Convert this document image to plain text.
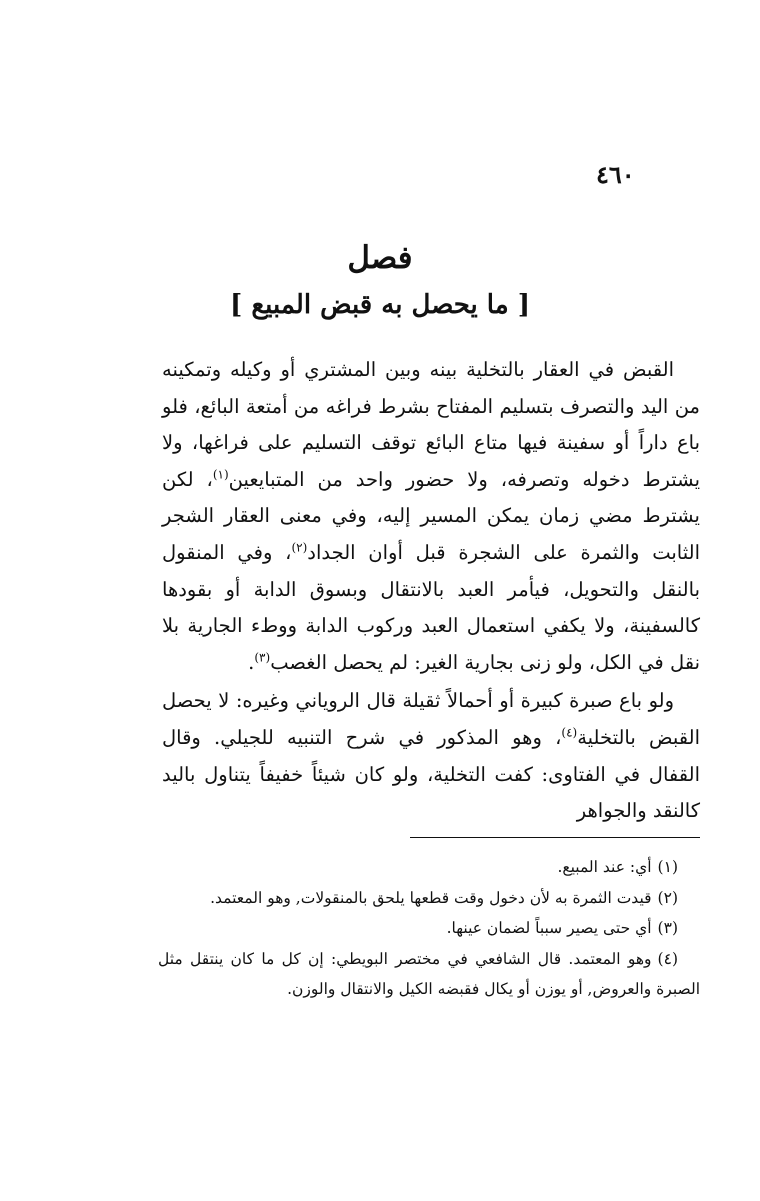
٤٦٠
فصل
[ ما يحصل به قبض المبيع ]

القبض في العقار بالتخلية بينه وبين المشتري أو وكيله وتمكينه من اليد والتصرف بتسليم المفتاح بشرط فراغه من أمتعة البائع، فلو باع داراً أو سفينة فيها متاع البائع توقف التسليم على فراغها، ولا يشترط دخوله وتصرفه، ولا حضور واحد من المتبايعين$^{(١)}$، لكن يشترط مضي زمان يمكن المسير إليه، وفي معنى العقار الشجر الثابت والثمرة على الشجرة قبل أوان الجداد$^{(٢)}$، وفي المنقول بالنقل والتحويل، فيأمر العبد بالانتقال وبسوق الدابة أو بقودها كالسفينة، ولا يكفي استعمال العبد وركوب الدابة ووطء الجارية بلا نقل في الكل، ولو زنى بجارية الغير: لم يحصل الغصب$^{(٣)}$.

ولو باع صبرة كبيرة أو أحمالاً ثقيلة قال الروياني وغيره: لا يحصل القبض بالتخلية$^{(٤)}$، وهو المذكور في شرح التنبيه للجيلي. وقال القفال في الفتاوى: كفت التخلية، ولو كان شيئاً خفيفاً يتناول باليد كالنقد والجواهر

(١)أي: عند المبيع.

(٢)قيدت الثمرة به لأن دخول وقت قطعها يلحق بالمنقولات, وهو المعتمد.

(٣)أي حتى يصير سبباً لضمان عينها.

(٤)وهو المعتمد. قال الشافعي في مختصر البويطي: إن كل ما كان ينتقل مثل الصبرة والعروض, أو يوزن أو يكال فقبضه الكيل والانتقال والوزن.
